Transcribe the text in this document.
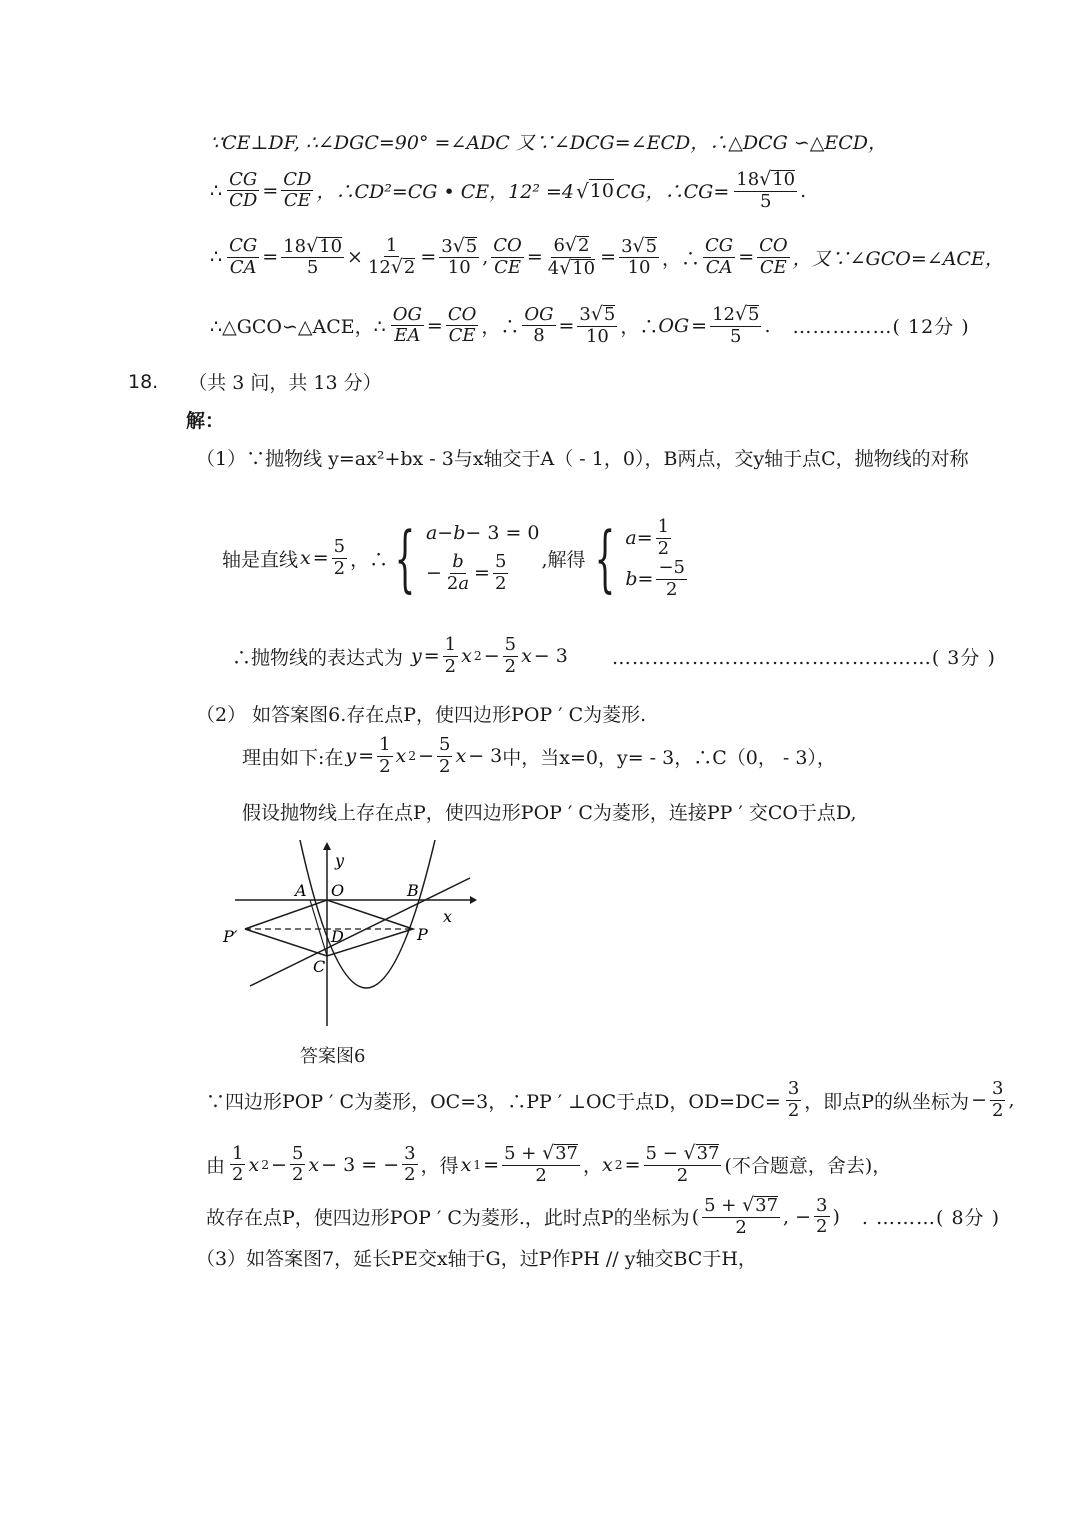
∵CE⊥DF, ∴∠DGC=90° =∠ADC 又∵∠DCG=∠ECD，∴△DCG ∽△ECD，
∴ $\frac{CG}{CD} = \frac{CD}{CE}$ ，∴CD²=CG • CE，12² =4 √ 10 CG，∴CG= $\frac{18 √ 10}{5}$ .
∴ $\frac{CG}{CA} = \frac{18 √ 10}{5} \times \frac{1}{12 √ 2} = \frac{3 √ 5}{10}$ , $\frac{CO}{CE} = \frac{6 √ 2}{4 √ 10} = \frac{3 √ 5}{10}$ ，∴ $\frac{CG}{CA} = \frac{CO}{CE}$ ，又∵∠GCO=∠ACE，
∴△GCO∽△ACE，∴ $\frac{OG}{EA} = \frac{CO}{CE}$ ，∴ $\frac{OG}{8} = \frac{3 √ 5}{10}$ ，∴ OG = $\frac{12 √ 5}{5}$ . ……………( 12分 )
18. （共 3 问，共 13 分）
解：
（1）∵抛物线 y=ax²+bx - 3与x轴交于A（ - 1，0），B两点，交y轴于点C，抛物线的对称
轴是直线 $x = \frac{5}{2}$ ，∴ { a − b − 3 = 0
− $\frac{b}{2a} = \frac{5}{2}$ ,解得 { $a = \frac{1}{2}$
$b = \frac{-5}{2}$
∴抛物线的表达式为 $y = \frac{1}{2}$ x $2 - \frac{5}{2}$ x − 3 …………………………………………( 3分 )
（2） 如答案图6.存在点P，使四边形POP ′ C为菱形.
理由如下:在 $y = \frac{1}{2}$ x $2 - \frac{5}{2}$ x − 3 中，当x=0，y= - 3，∴C（0， - 3），
假设抛物线上存在点P，使四边形POP ′ C为菱形，连接PP ′ 交CO于点D,
y
A O	B
x
P′	D	P
C
答案图6
∵四边形POP ′ C为菱形，OC=3，∴PP ′ ⊥OC于点D，$OD=DC= \frac{3}{2}$ ，即点P的纵坐标为 − $\frac{3}{2}$ ,
由 $\frac{1}{2}$ x $2 - \frac{5}{2}$ x − 3 = − $\frac{3}{2}$ ，得 x $1 = \frac{5 + √ 37}{2}$ ， x $2 = \frac{5 - √ 37}{2}$ (不合题意，舍去)，
故存在点P，使四边形POP ′ C为菱形.，此时点P的坐标为 ( $\frac{5 + √ 37}{2}$ , − $\frac{3}{2}$ ) . ………( 8分 )
（3）如答案图7，延长PE交x轴于G，过P作PH // y轴交BC于H，
